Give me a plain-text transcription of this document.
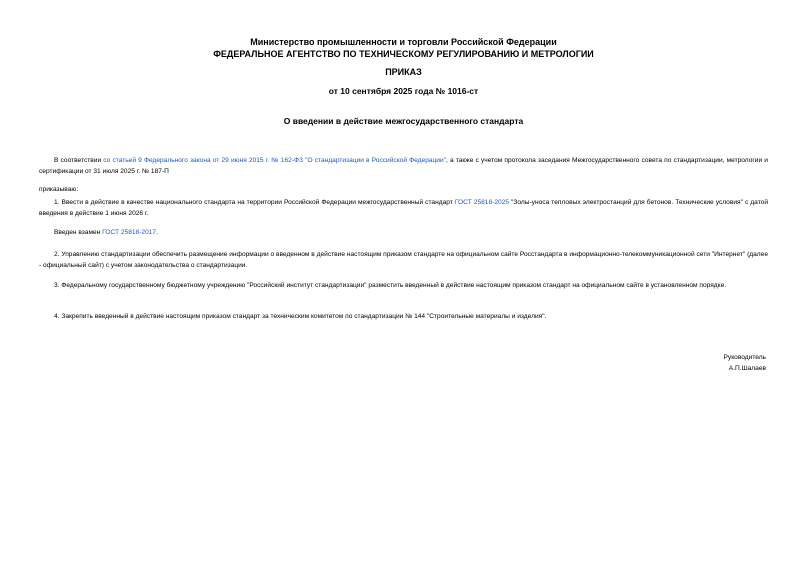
Министерство промышленности и торговли Российской Федерации
ФЕДЕРАЛЬНОЕ АГЕНТСТВО ПО ТЕХНИЧЕСКОМУ РЕГУЛИРОВАНИЮ И МЕТРОЛОГИИ
ПРИКАЗ
от 10 сентября 2025 года № 1016-ст
О введении в действие межгосударственного стандарта
В соответствии со статьей 9 Федерального закона от 29 июня 2015 г. № 162-ФЗ "О стандартизации в Российской Федерации", а также с учетом протокола заседания Межгосударственного совета по стандартизации, метрологии и сертификации от 31 июля 2025 г. № 187-П
приказываю:
1. Ввести в действие в качестве национального стандарта на территории Российской Федерации межгосударственный стандарт ГОСТ 25818-2025 "Золы-уноса тепловых электростанций для бетонов. Технические условия" с датой введения в действие 1 июня 2026 г.
Введен взамен ГОСТ 25818-2017.
2. Управлению стандартизации обеспечить размещение информации о введенном в действие настоящим приказом стандарте на официальном сайте Росстандарта в информационно-телекоммуникационной сети "Интернет" (далее - официальный сайт) с учетом законодательства о стандартизации.
3. Федеральному государственному бюджетному учреждению "Российский институт стандартизации" разместить введенный в действие настоящим приказом стандарт на официальном сайте в установленном порядке.
4. Закрепить введенный в действие настоящим приказом стандарт за техническим комитетом по стандартизации № 144 "Строительные материалы и изделия".
Руководитель
А.П.Шалаев
